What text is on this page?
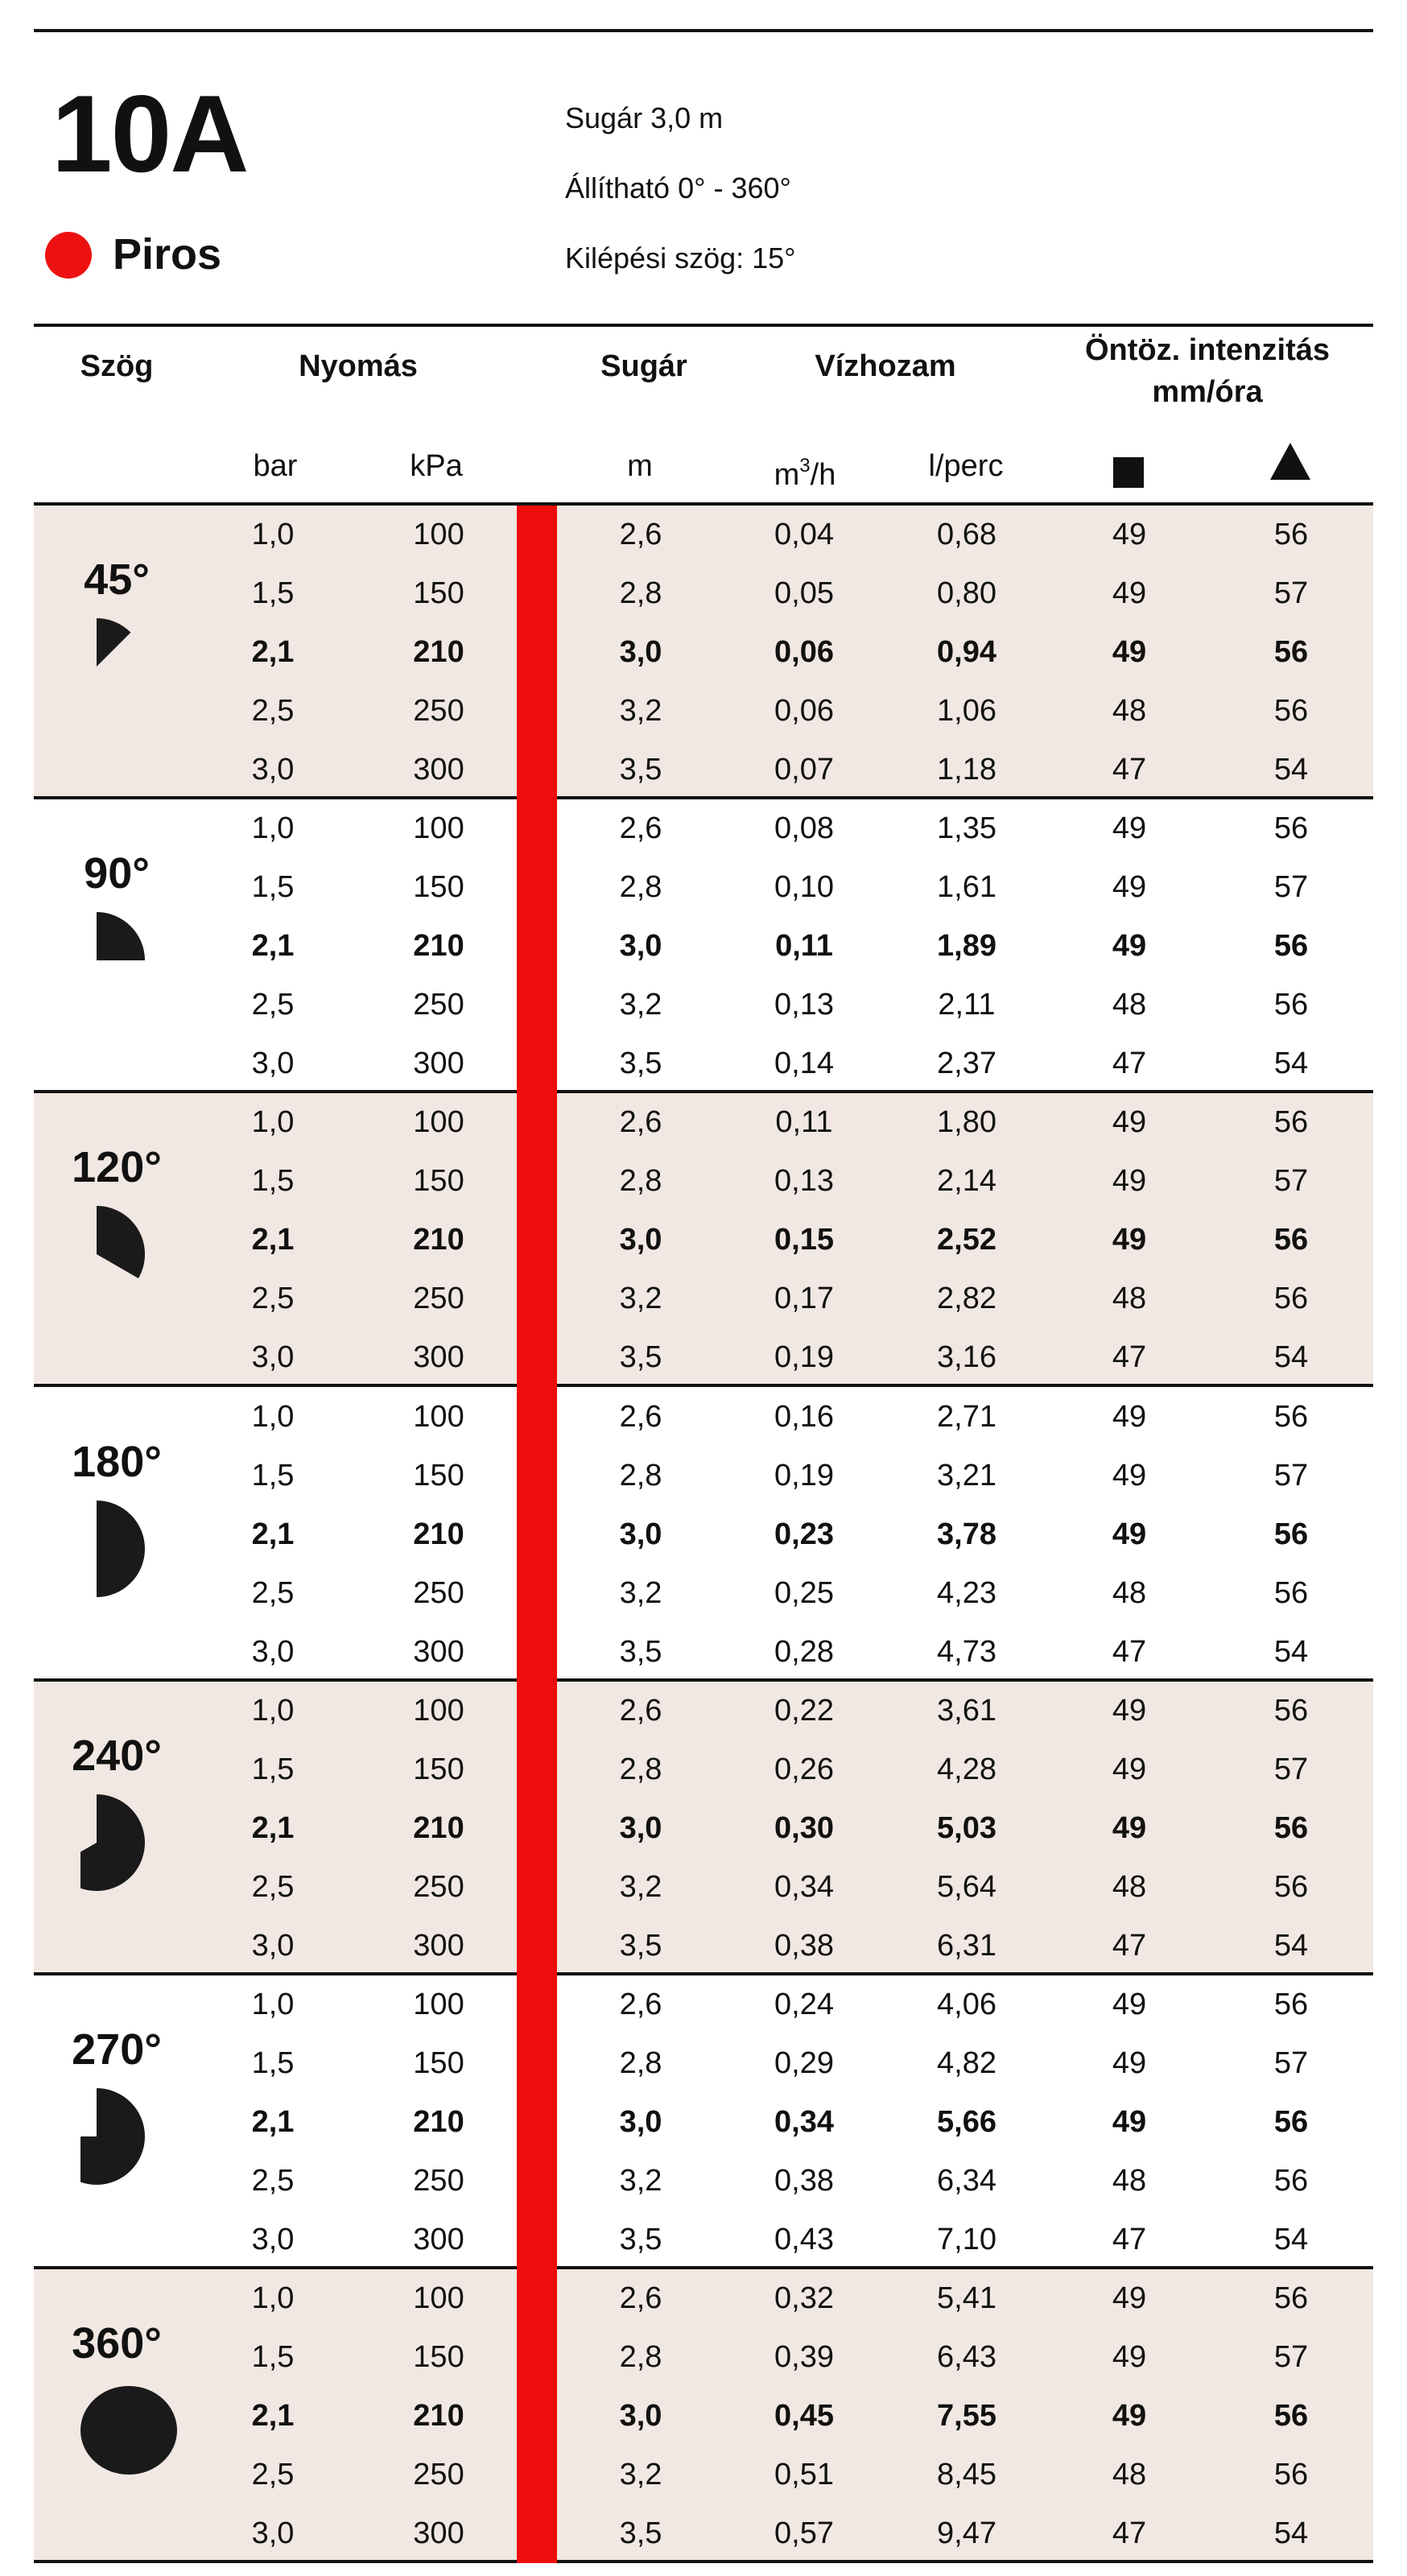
10A
Piros
Sugár 3,0 m
Állítható 0° - 360°
Kilépési szög: 15°
Szög	Nyomás	Sugár	Vízhozam	Öntöz. intenzitás
mm/óra
bar	kPa	m	$m^3/h$	l/perc
45°
1,0	100	2,6	0,04	0,68	49	56
1,5	150	2,8	0,05	0,80	49	57
2,1	210	3,0	0,06	0,94	49	56
2,5	250	3,2	0,06	1,06	48	56
3,0	300	3,5	0,07	1,18	47	54
90°
1,0	100	2,6	0,08	1,35	49	56
1,5	150	2,8	0,10	1,61	49	57
2,1	210	3,0	0,11	1,89	49	56
2,5	250	3,2	0,13	2,11	48	56
3,0	300	3,5	0,14	2,37	47	54
120°
1,0	100	2,6	0,11	1,80	49	56
1,5	150	2,8	0,13	2,14	49	57
2,1	210	3,0	0,15	2,52	49	56
2,5	250	3,2	0,17	2,82	48	56
3,0	300	3,5	0,19	3,16	47	54
180°
1,0	100	2,6	0,16	2,71	49	56
1,5	150	2,8	0,19	3,21	49	57
2,1	210	3,0	0,23	3,78	49	56
2,5	250	3,2	0,25	4,23	48	56
3,0	300	3,5	0,28	4,73	47	54
240°
1,0	100	2,6	0,22	3,61	49	56
1,5	150	2,8	0,26	4,28	49	57
2,1	210	3,0	0,30	5,03	49	56
2,5	250	3,2	0,34	5,64	48	56
3,0	300	3,5	0,38	6,31	47	54
270°
1,0	100	2,6	0,24	4,06	49	56
1,5	150	2,8	0,29	4,82	49	57
2,1	210	3,0	0,34	5,66	49	56
2,5	250	3,2	0,38	6,34	48	56
3,0	300	3,5	0,43	7,10	47	54
360°
1,0	100	2,6	0,32	5,41	49	56
1,5	150	2,8	0,39	6,43	49	57
2,1	210	3,0	0,45	7,55	49	56
2,5	250	3,2	0,51	8,45	48	56
3,0	300	3,5	0,57	9,47	47	54
